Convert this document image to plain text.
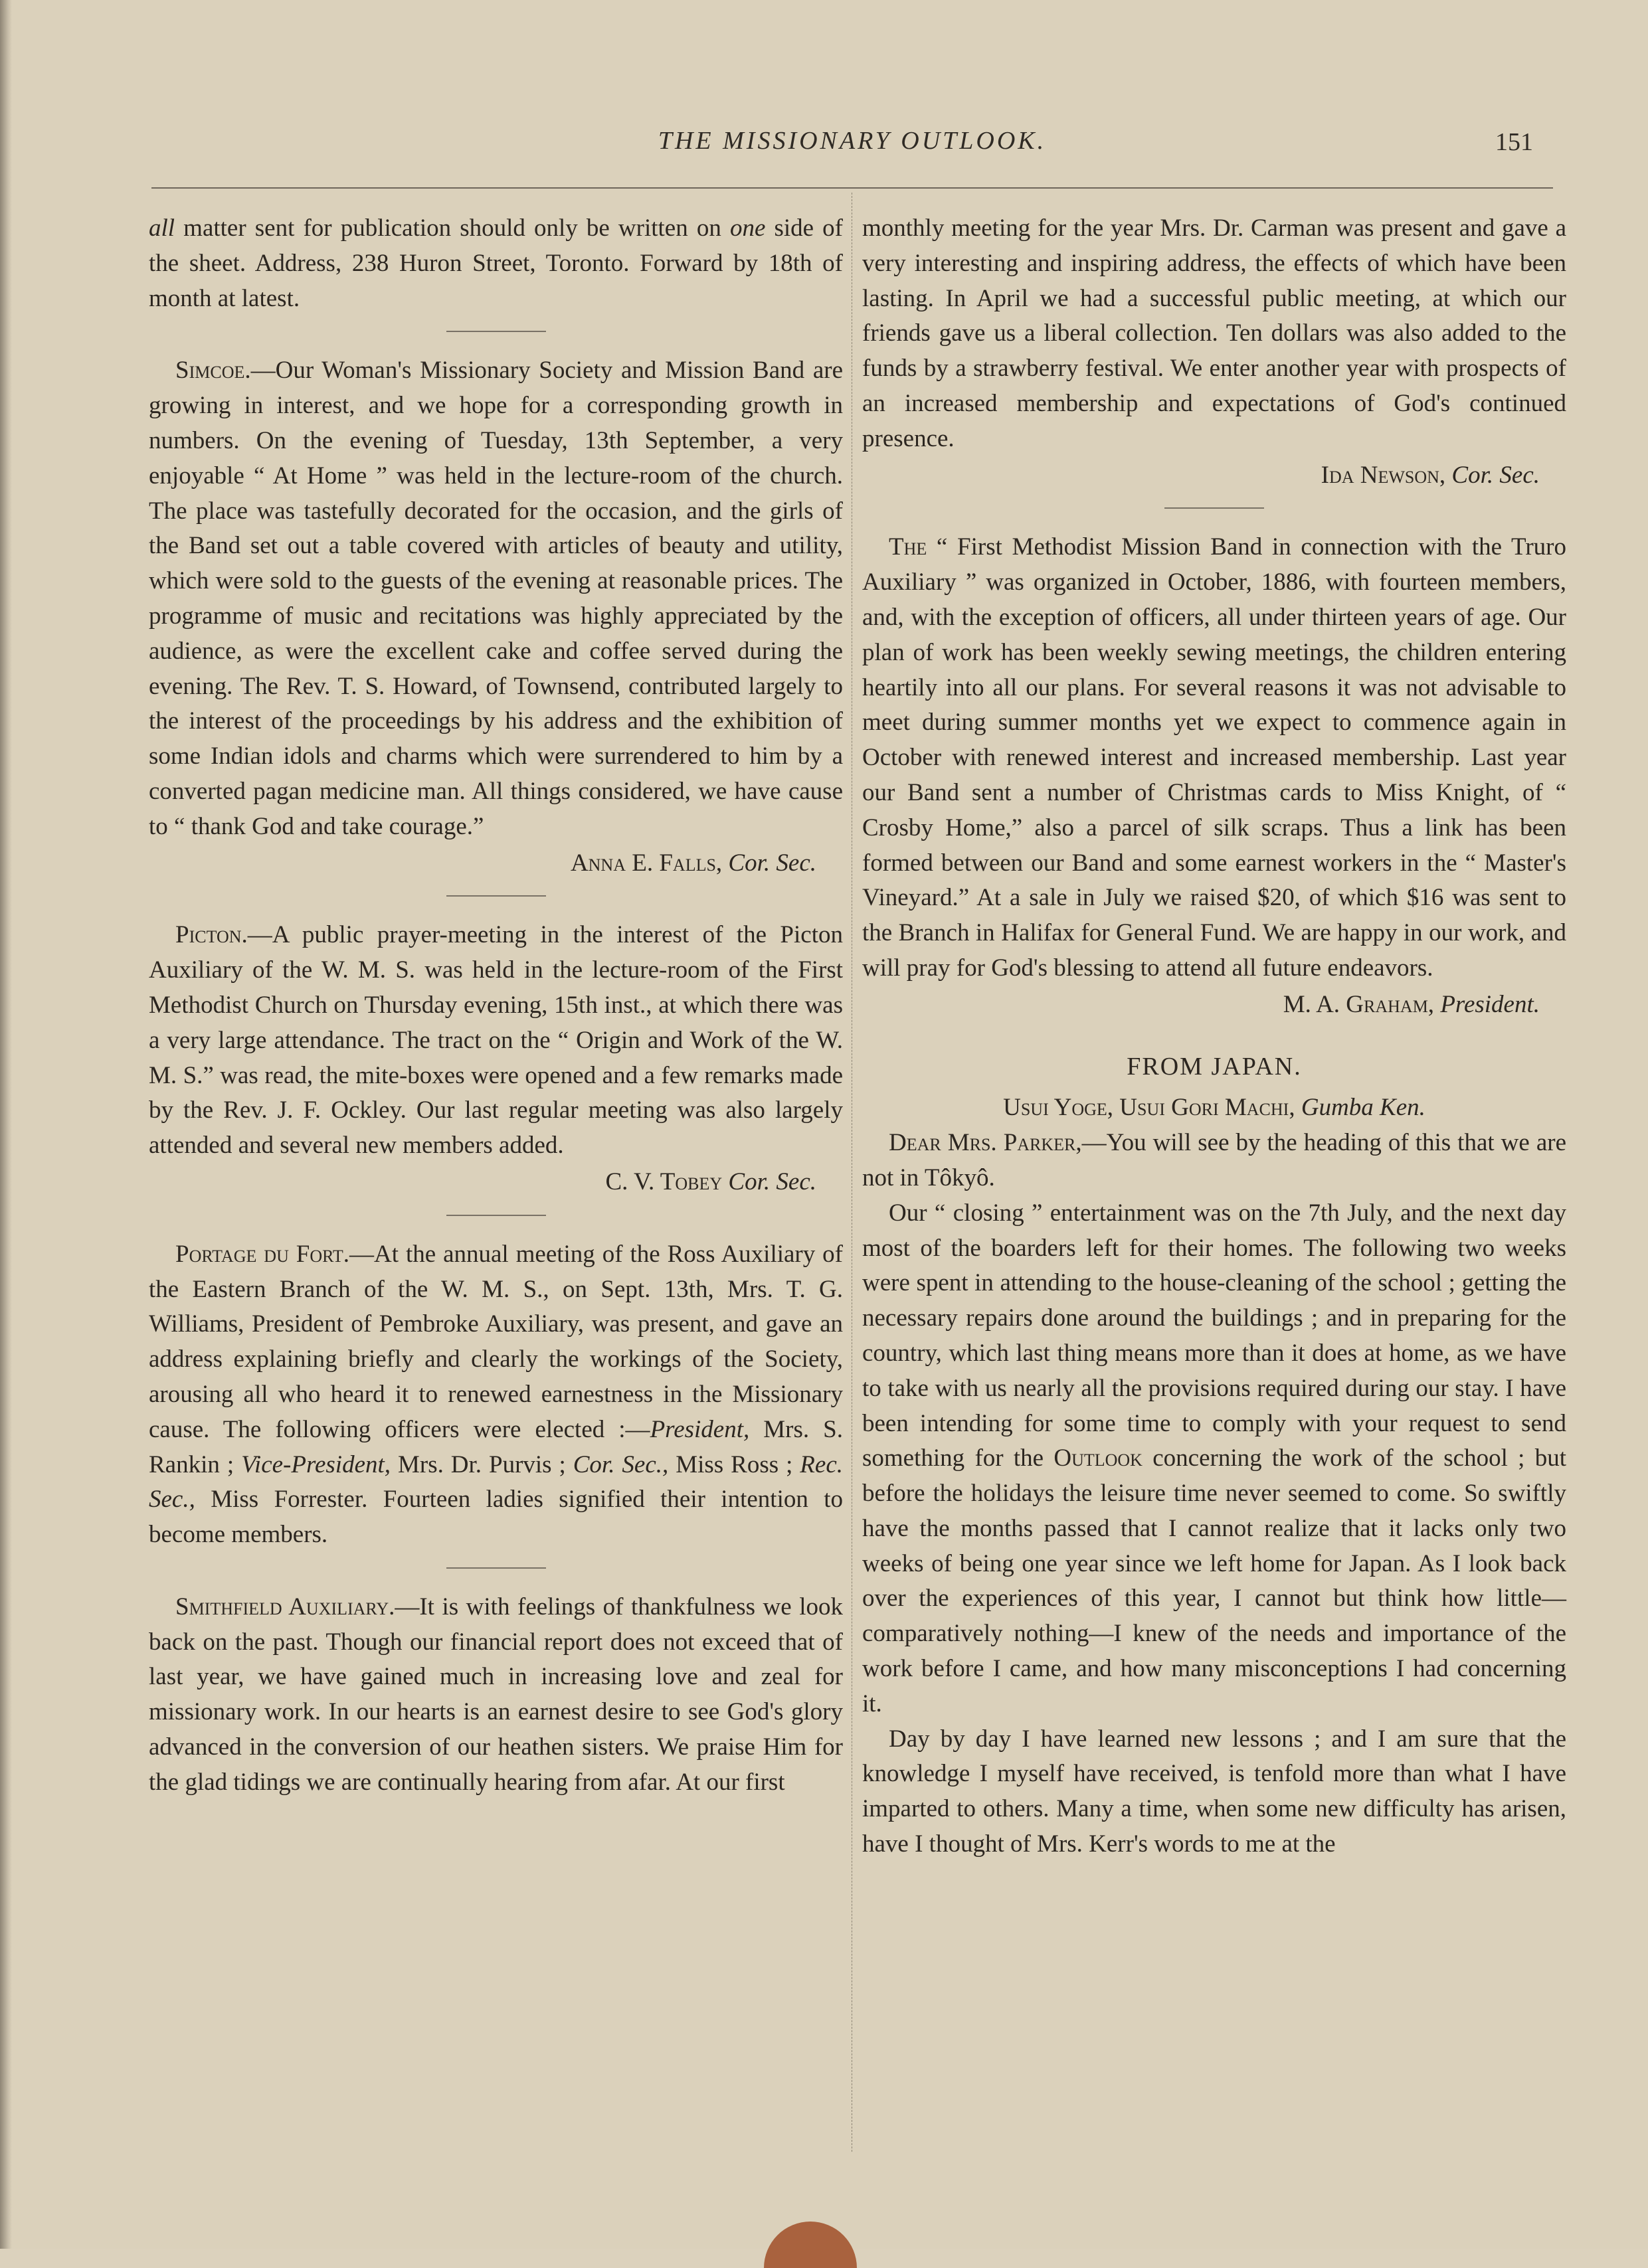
THE MISSIONARY OUTLOOK.	151

all matter sent for publication should only be written on one side of the sheet. Address, 238 Huron Street, Toronto. Forward by 18th of month at latest.

Simcoe.—Our Woman's Missionary Society and Mission Band are growing in interest, and we hope for a corresponding growth in numbers. On the evening of Tuesday, 13th September, a very enjoyable “ At Home ” was held in the lecture-room of the church. The place was tastefully decorated for the occasion, and the girls of the Band set out a table covered with articles of beauty and utility, which were sold to the guests of the evening at reasonable prices. The programme of music and recitations was highly appreciated by the audience, as were the excellent cake and coffee served during the evening. The Rev. T. S. Howard, of Townsend, contributed largely to the interest of the proceedings by his address and the exhibition of some Indian idols and charms which were surrendered to him by a converted pagan medicine man. All things considered, we have cause to “ thank God and take courage.”

Anna E. Falls, Cor. Sec.

Picton.—A public prayer-meeting in the interest of the Picton Auxiliary of the W. M. S. was held in the lecture-room of the First Methodist Church on Thursday evening, 15th inst., at which there was a very large attendance. The tract on the “ Origin and Work of the W. M. S.” was read, the mite-boxes were opened and a few remarks made by the Rev. J. F. Ockley. Our last regular meeting was also largely attended and several new members added.

C. V. Tobey Cor. Sec.

Portage du Fort.—At the annual meeting of the Ross Auxiliary of the Eastern Branch of the W. M. S., on Sept. 13th, Mrs. T. G. Williams, President of Pembroke Auxiliary, was present, and gave an address explaining briefly and clearly the workings of the Society, arousing all who heard it to renewed earnestness in the Missionary cause. The following officers were elected :—President, Mrs. S. Rankin ; Vice-President, Mrs. Dr. Purvis ; Cor. Sec., Miss Ross ; Rec. Sec., Miss Forrester. Fourteen ladies signified their intention to become members.

Smithfield Auxiliary.—It is with feelings of thankfulness we look back on the past. Though our financial report does not exceed that of last year, we have gained much in increasing love and zeal for missionary work. In our hearts is an earnest desire to see God's glory advanced in the conversion of our heathen sisters. We praise Him for the glad tidings we are continually hearing from afar. At our first

monthly meeting for the year Mrs. Dr. Carman was present and gave a very interesting and inspiring address, the effects of which have been lasting. In April we had a successful public meeting, at which our friends gave us a liberal collection. Ten dollars was also added to the funds by a strawberry festival. We enter another year with prospects of an increased membership and expectations of God's continued presence.

Ida Newson, Cor. Sec.

The “ First Methodist Mission Band in connection with the Truro Auxiliary ” was organized in October, 1886, with fourteen members, and, with the exception of officers, all under thirteen years of age. Our plan of work has been weekly sewing meetings, the children entering heartily into all our plans. For several reasons it was not advisable to meet during summer months yet we expect to commence again in October with renewed interest and increased membership. Last year our Band sent a number of Christmas cards to Miss Knight, of “ Crosby Home,” also a parcel of silk scraps. Thus a link has been formed between our Band and some earnest workers in the “ Master's Vineyard.” At a sale in July we raised $20, of which $16 was sent to the Branch in Halifax for General Fund. We are happy in our work, and will pray for God's blessing to attend all future endeavors.

M. A. Graham, President.

FROM JAPAN.

Usui Yoge, Usui Gori Machi, Gumba Ken.

Dear Mrs. Parker,—You will see by the heading of this that we are not in Tôkyô.

Our “ closing ” entertainment was on the 7th July, and the next day most of the boarders left for their homes. The following two weeks were spent in attending to the house-cleaning of the school ; getting the necessary repairs done around the buildings ; and in preparing for the country, which last thing means more than it does at home, as we have to take with us nearly all the provisions required during our stay. I have been intending for some time to comply with your request to send something for the Outlook concerning the work of the school ; but before the holidays the leisure time never seemed to come. So swiftly have the months passed that I cannot realize that it lacks only two weeks of being one year since we left home for Japan. As I look back over the experiences of this year, I cannot but think how little—comparatively nothing—I knew of the needs and importance of the work before I came, and how many misconceptions I had concerning it.

Day by day I have learned new lessons ; and I am sure that the knowledge I myself have received, is tenfold more than what I have imparted to others. Many a time, when some new difficulty has arisen, have I thought of Mrs. Kerr's words to me at the
